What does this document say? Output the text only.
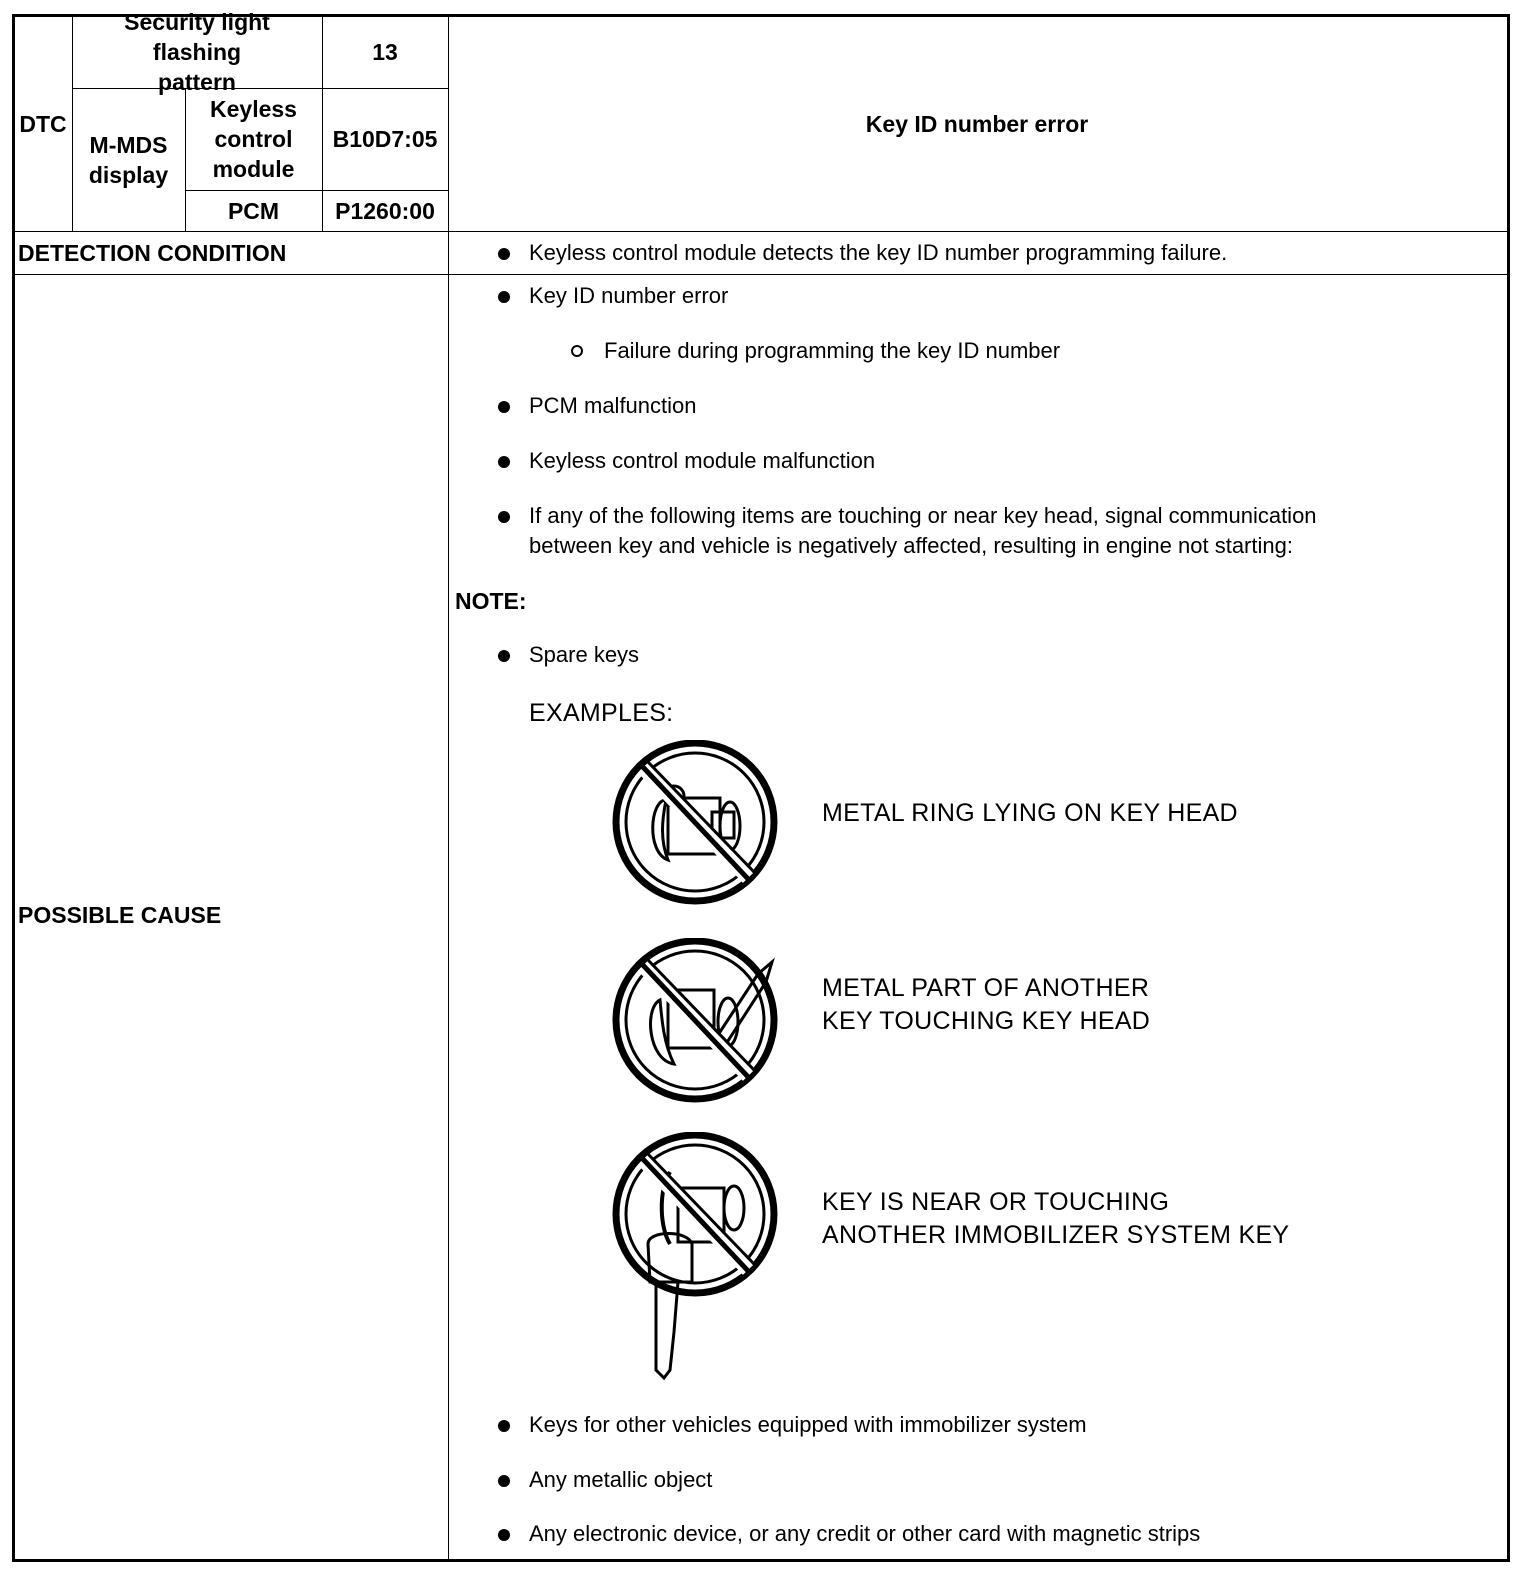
DTC
Security light flashing pattern
13
M-MDS display
Keyless control module
B10D7:05
PCM	P1260:00
Key ID number error
DETECTION CONDITION	Keyless control module detects the key ID number programming failure.
POSSIBLE CAUSE
Key ID number error
Failure during programming the key ID number
PCM malfunction
Keyless control module malfunction
If any of the following items are touching or near key head, signal communication
between key and vehicle is negatively affected, resulting in engine not starting:
NOTE:
Spare keys
EXAMPLES:
METAL RING LYING ON KEY HEAD
METAL PART OF ANOTHER
KEY TOUCHING KEY HEAD
KEY IS NEAR OR TOUCHING
ANOTHER IMMOBILIZER SYSTEM KEY
Keys for other vehicles equipped with immobilizer system
Any metallic object
Any electronic device, or any credit or other card with magnetic strips
